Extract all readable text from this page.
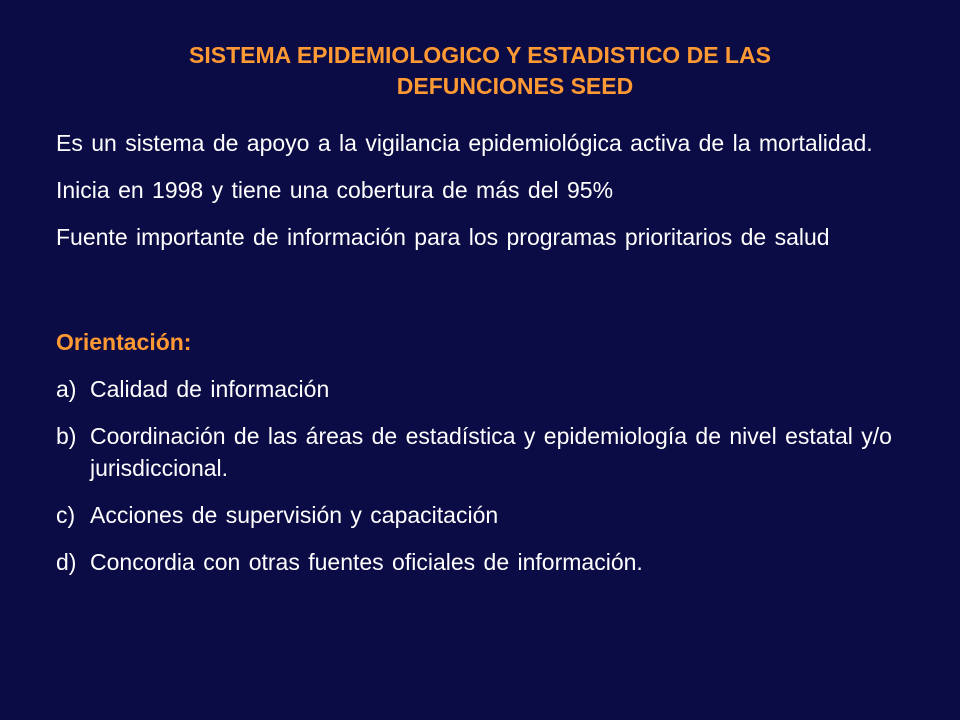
SISTEMA EPIDEMIOLOGICO Y ESTADISTICO DE LAS
DEFUNCIONES SEED

Es un sistema de apoyo a la vigilancia epidemiológica activa de la mortalidad.

Inicia en 1998 y tiene una cobertura de más del 95%

Fuente importante de información para los programas prioritarios de salud

Orientación:
a) Calidad de información
b) Coordinación de las áreas de estadística y epidemiología de nivel estatal y/o jurisdiccional.
c) Acciones de supervisión y capacitación
d) Concordia con otras fuentes oficiales de información.
